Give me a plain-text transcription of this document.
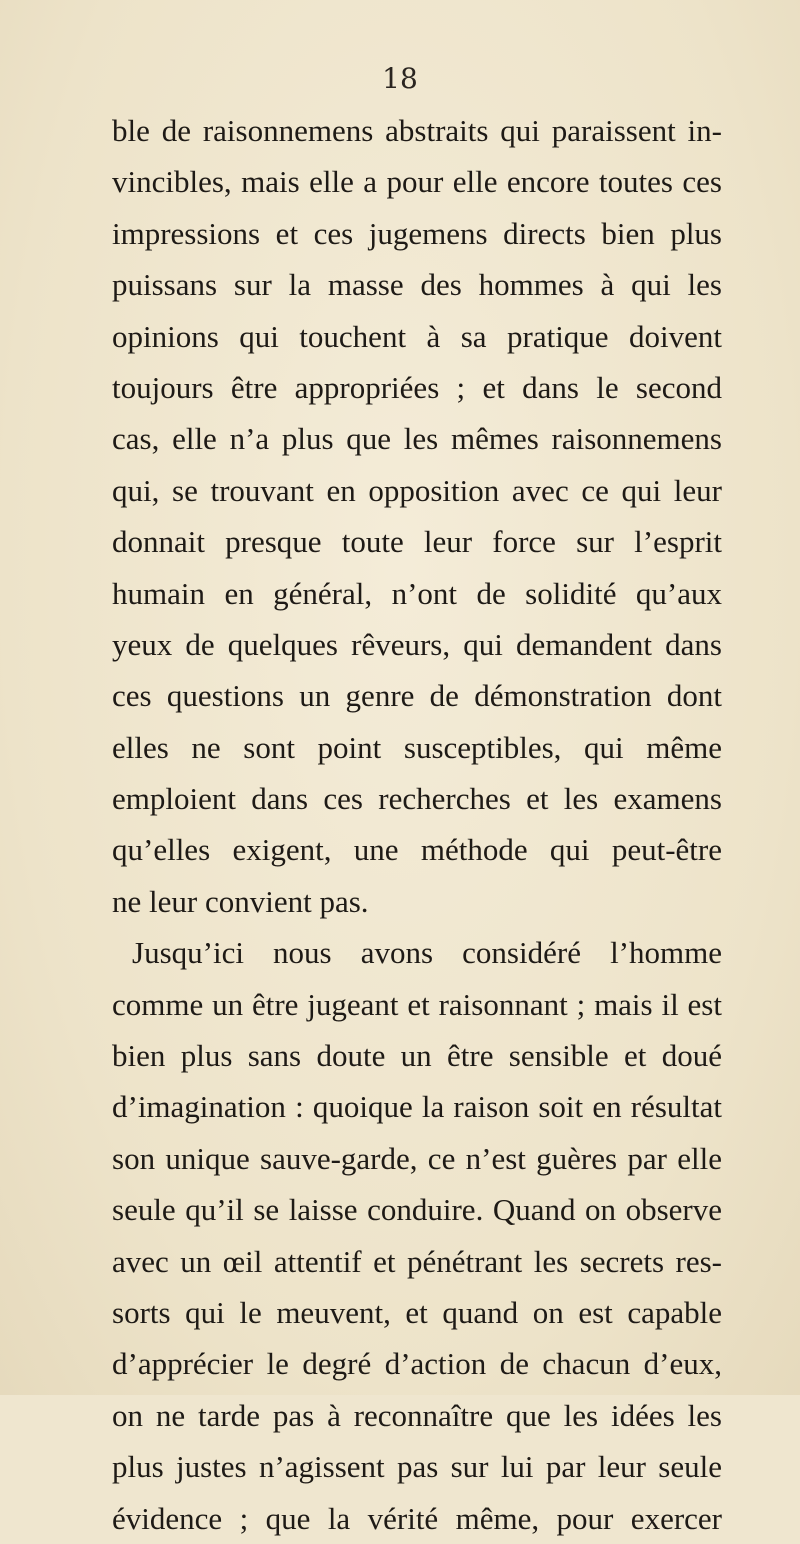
18
ble de raisonnemens abstraits qui paraissent in-
vincibles, mais elle a pour elle encore toutes ces
impressions et ces jugemens directs bien plus
puissans sur la masse des hommes à qui les
opinions qui touchent à sa pratique doivent
toujours être appropriées ; et dans le second
cas, elle n’a plus que les mêmes raisonnemens
qui, se trouvant en opposition avec ce qui leur
donnait presque toute leur force sur l’esprit
humain en général, n’ont de solidité qu’aux
yeux de quelques rêveurs, qui demandent dans
ces questions un genre de démonstration dont
elles ne sont point susceptibles, qui même
emploient dans ces recherches et les examens
qu’elles exigent, une méthode qui peut-être
ne leur convient pas.
Jusqu’ici nous avons considéré l’homme
comme un être jugeant et raisonnant ; mais il est
bien plus sans doute un être sensible et doué
d’imagination : quoique la raison soit en résultat
son unique sauve-garde, ce n’est guères par elle
seule qu’il se laisse conduire. Quand on observe
avec un œil attentif et pénétrant les secrets res-
sorts qui le meuvent, et quand on est capable
d’apprécier le degré d’action de chacun d’eux,
on ne tarde pas à reconnaître que les idées les
plus justes n’agissent pas sur lui par leur seule
évidence ; que la vérité même, pour exercer
